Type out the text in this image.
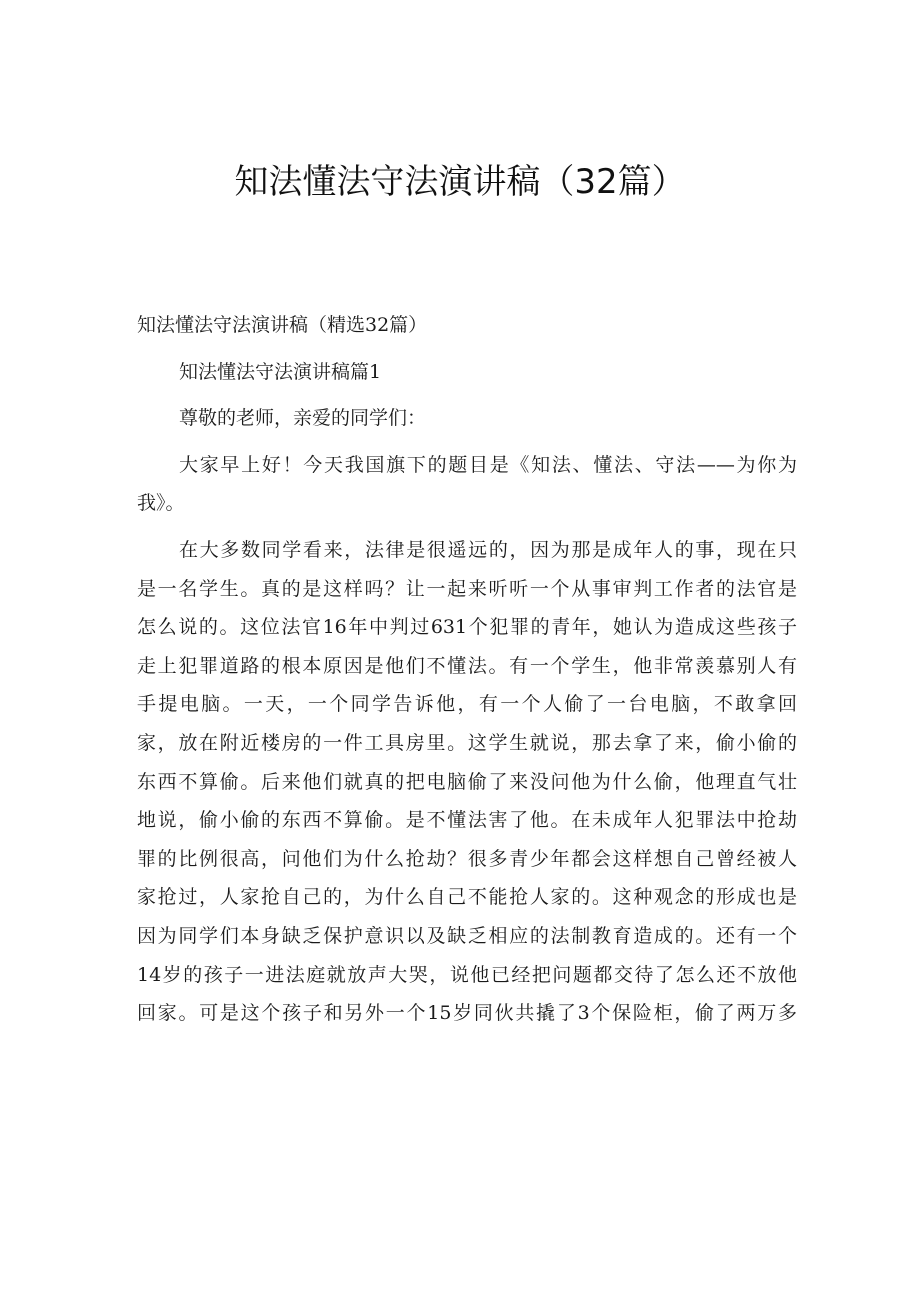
知法懂法守法演讲稿（32篇）
知法懂法守法演讲稿（精选32篇）
知法懂法守法演讲稿篇1
尊敬的老师，亲爱的同学们：
大家早上好！今天我国旗下的题目是《知法、懂法、守法——为你为
我》。
在大多数同学看来，法律是很遥远的，因为那是成年人的事，现在只
是一名学生。真的是这样吗？让一起来听听一个从事审判工作者的法官是
怎么说的。这位法官16年中判过631个犯罪的青年，她认为造成这些孩子
走上犯罪道路的根本原因是他们不懂法。有一个学生，他非常羡慕别人有
手提电脑。一天，一个同学告诉他，有一个人偷了一台电脑，不敢拿回
家，放在附近楼房的一件工具房里。这学生就说，那去拿了来，偷小偷的
东西不算偷。后来他们就真的把电脑偷了来没问他为什么偷，他理直气壮
地说，偷小偷的东西不算偷。是不懂法害了他。在未成年人犯罪法中抢劫
罪的比例很高，问他们为什么抢劫？很多青少年都会这样想自己曾经被人
家抢过，人家抢自己的，为什么自己不能抢人家的。这种观念的形成也是
因为同学们本身缺乏保护意识以及缺乏相应的法制教育造成的。还有一个
14岁的孩子一进法庭就放声大哭，说他已经把问题都交待了怎么还不放他
回家。可是这个孩子和另外一个15岁同伙共撬了3个保险柜，偷了两万多
